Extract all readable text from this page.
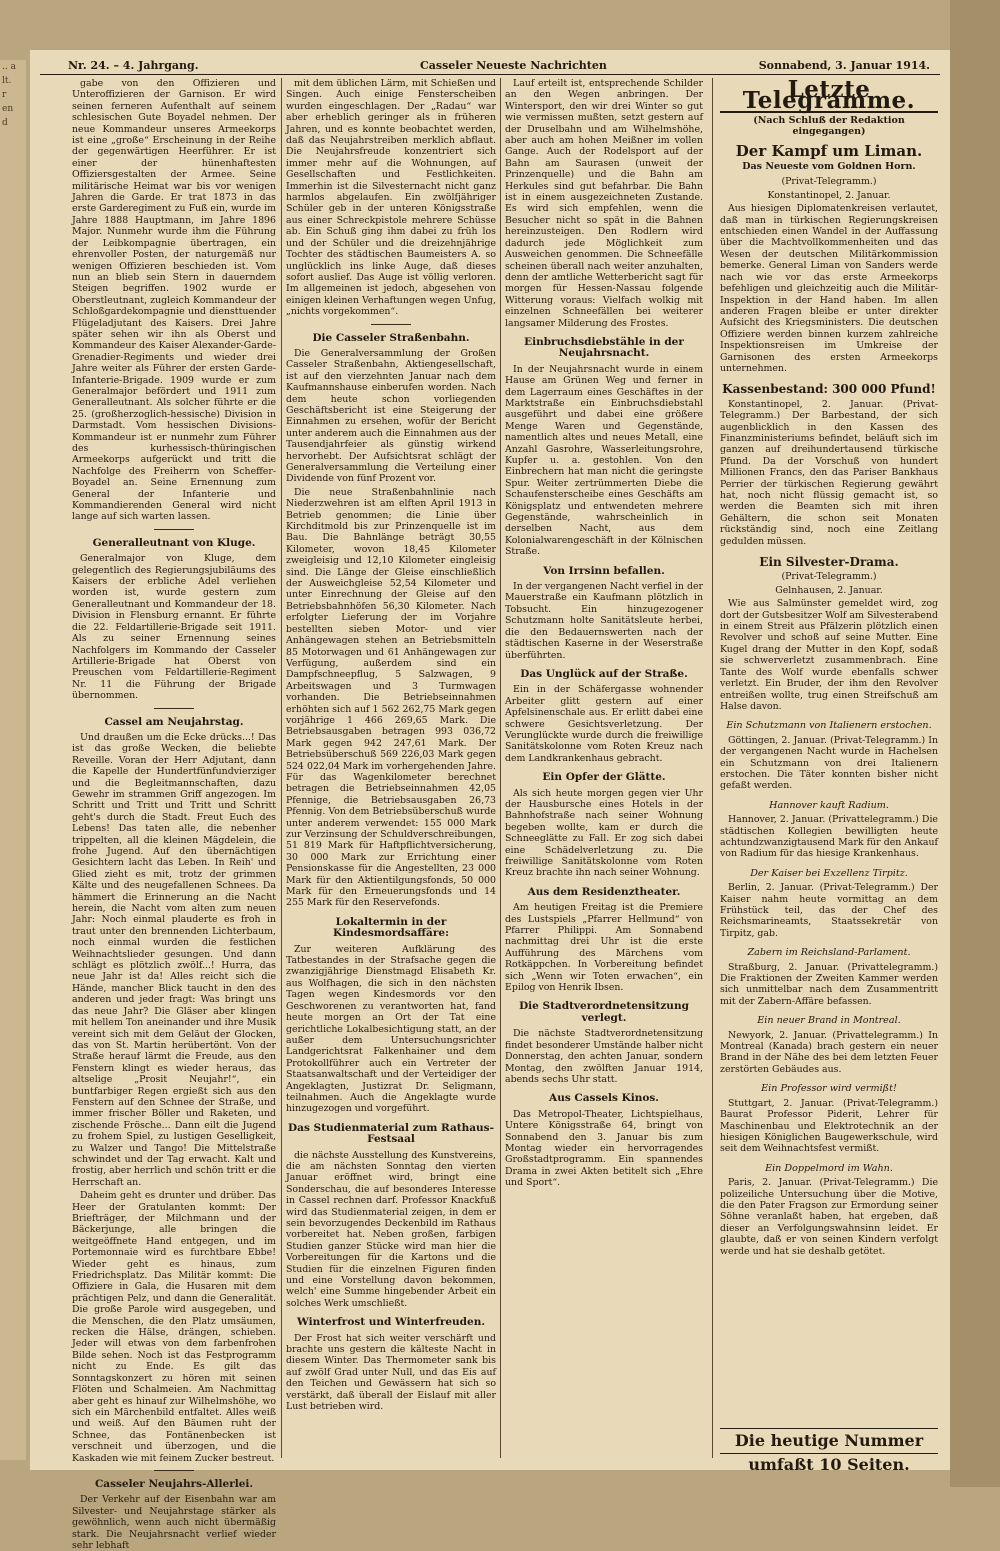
.. a
lt.
r
en
d
Nr. 24. – 4. Jahrgang.	Casseler Neueste Nachrichten	Sonnabend, 3. Januar 1914.

gabe von den Offizieren und Unteroffizieren der Garnison. Er wird seinen ferneren Aufenthalt auf seinem schlesischen Gute Boyadel nehmen. Der neue Kommandeur unseres Armeekorps ist eine „große“ Erscheinung in der Reihe der gegenwärtigen Heerführer. Er ist einer der hünenhaftesten Offiziersgestalten der Armee. Seine militärische Heimat war bis vor wenigen Jahren die Garde. Er trat 1873 in das erste Garderegiment zu Fuß ein, wurde im Jahre 1888 Hauptmann, im Jahre 1896 Major. Nunmehr wurde ihm die Führung der Leibkompagnie übertragen, ein ehrenvoller Posten, der naturgemäß nur wenigen Offizieren beschieden ist. Vom nun an blieb sein Stern in dauerndem Steigen begriffen. 1902 wurde er Oberstleutnant, zugleich Kommandeur der Schloßgardekompagnie und diensttuender Flügeladjutant des Kaisers. Drei Jahre später sehen wir ihn als Oberst und Kommandeur des Kaiser Alexander-Garde-Grenadier-Regiments und wieder drei Jahre weiter als Führer der ersten Garde-Infanterie-Brigade. 1909 wurde er zum Generalmajor befördert und 1911 zum Generalleutnant. Als solcher führte er die 25. (großherzoglich-hessische) Division in Darmstadt. Vom hessischen Divisions-Kommandeur ist er nunmehr zum Führer des kurhessisch-thüringischen Armeekorps aufgerückt und tritt die Nachfolge des Freiherrn von Scheffer-Boyadel an. Seine Ernennung zum General der Infanterie und Kommandierenden General wird nicht lange auf sich warten lassen.

Generalleutnant von Kluge.

Generalmajor von Kluge, dem gelegentlich des Regierungsjubiläums des Kaisers der erbliche Adel verliehen worden ist, wurde gestern zum Generalleutnant und Kommandeur der 18. Division in Flensburg ernannt. Er führte die 22. Feldartillerie-Brigade seit 1911. Als zu seiner Ernennung seines Nachfolgers im Kommando der Casseler Artillerie-Brigade hat Oberst von Preuschen vom Feldartillerie-Regiment Nr. 11 die Führung der Brigade übernommen.

Cassel am Neujahrstag.

Und draußen um die Ecke drücks...! Das ist das große Wecken, die beliebte Reveille. Voran der Herr Adjutant, dann die Kapelle der Hundertfünfundvierziger und die Begleitmannschaften, dazu Gewehr im strammen Griff angezogen. Im Schritt und Tritt und Tritt und Schritt geht's durch die Stadt. Freut Euch des Lebens! Das taten alle, die nebenher trippelten, all die kleinen Mägdelein, die frohe Jugend. Auf den übernächtigen Gesichtern lacht das Leben. In Reih' und Glied zieht es mit, trotz der grimmen Kälte und des neugefallenen Schnees. Da hämmert die Erinnerung an die Nacht herein, die Nacht vom alten zum neuen Jahr: Noch einmal plauderte es froh in traut unter den brennenden Lichterbaum, noch einmal wurden die festlichen Weihnachtslieder gesungen. Und dann schlägt es plötzlich zwölf...! Hurra, das neue Jahr ist da! Alles reicht sich die Hände, mancher Blick taucht in den des anderen und jeder fragt: Was bringt uns das neue Jahr? Die Gläser aber klingen mit hellem Ton aneinander und ihre Musik vereint sich mit dem Geläut der Glocken, das von St. Martin herübertönt. Von der Straße herauf lärmt die Freude, aus den Fenstern klingt es wieder heraus, das altselige „Prosit Neujahr!“, ein buntfarbiger Regen ergießt sich aus den Fenstern auf den Schnee der Straße, und immer frischer Böller und Raketen, und zischende Frösche... Dann eilt die Jugend zu frohem Spiel, zu lustigen Geselligkeit, zu Walzer und Tango! Die Mittelstraße schwindet und der Tag erwacht. Kalt und frostig, aber herrlich und schön tritt er die Herrschaft an.

Daheim geht es drunter und drüber. Das Heer der Gratulanten kommt: Der Briefträger, der Milchmann und der Bäckerjunge, alle bringen die weitgeöffnete Hand entgegen, und im Portemonnaie wird es furchtbare Ebbe! Wieder geht es hinaus, zum Friedrichsplatz. Das Militär kommt: Die Offiziere in Gala, die Husaren mit dem prächtigen Pelz, und dann die Generalität. Die große Parole wird ausgegeben, und die Menschen, die den Platz umsäumen, recken die Hälse, drängen, schieben. Jeder will etwas von dem farbenfrohen Bilde sehen. Noch ist das Festprogramm nicht zu Ende. Es gilt das Sonntagskonzert zu hören mit seinen Flöten und Schalmeien. Am Nachmittag aber geht es hinauf zur Wilhelmshöhe, wo sich ein Märchenbild entfaltet. Alles weiß und weiß. Auf den Bäumen ruht der Schnee, das Fontänenbecken ist verschneit und überzogen, und die Kaskaden wie mit feinem Zucker bestreut.

Casseler Neujahrs-Allerlei.

Der Verkehr auf der Eisenbahn war am Silvester- und Neujahrstage stärker als gewöhnlich, wenn auch nicht übermäßig stark. Die Neujahrsnacht verlief wieder sehr lebhaft

mit dem üblichen Lärm, mit Schießen und Singen. Auch einige Fensterscheiben wurden eingeschlagen. Der „Radau“ war aber erheblich geringer als in früheren Jahren, und es konnte beobachtet werden, daß das Neujahrstreiben merklich abflaut. Die Neujahrsfreude konzentriert sich immer mehr auf die Wohnungen, auf Gesellschaften und Festlichkeiten. Immerhin ist die Silvesternacht nicht ganz harmlos abgelaufen. Ein zwölfjähriger Schüler geb in der unteren Königsstraße aus einer Schreckpistole mehrere Schüsse ab. Ein Schuß ging ihm dabei zu früh los und der Schüler und die dreizehnjährige Tochter des städtischen Baumeisters A. so unglücklich ins linke Auge, daß dieses sofort auslief. Das Auge ist völlig verloren. Im allgemeinen ist jedoch, abgesehen von einigen kleinen Verhaftungen wegen Unfug, „nichts vorgekommen“.

Die Casseler Straßenbahn.

Die Generalversammlung der Großen Casseler Straßenbahn, Aktiengesellschaft, ist auf den vierzehnten Januar nach dem Kaufmannshause einberufen worden. Nach dem heute schon vorliegenden Geschäftsbericht ist eine Steigerung der Einnahmen zu ersehen, wofür der Bericht unter anderem auch die Einnahmen aus der Tausendjahrfeier als günstig wirkend hervorhebt. Der Aufsichtsrat schlägt der Generalversammlung die Verteilung einer Dividende von fünf Prozent vor.

Die neue Straßenbahnlinie nach Niederzwehren ist am elften April 1913 in Betrieb genommen; die Linie über Kirchditmold bis zur Prinzenquelle ist im Bau. Die Bahnlänge beträgt 30,55 Kilometer, wovon 18,45 Kilometer zweigleisig und 12,10 Kilometer eingleisig sind. Die Länge der Gleise einschließlich der Ausweichgleise 52,54 Kilometer und unter Einrechnung der Gleise auf den Betriebsbahnhöfen 56,30 Kilometer. Nach erfolgter Lieferung der im Vorjahre bestellten sieben Motor- und vier Anhängewagen stehen an Betriebsmitteln 85 Motorwagen und 61 Anhängewagen zur Verfügung, außerdem sind ein Dampfschneepflug, 5 Salzwagen, 9 Arbeitswagen und 3 Turmwagen vorhanden. Die Betriebseinnahmen erhöhten sich auf 1 562 262,75 Mark gegen vorjährige 1 466 269,65 Mark. Die Betriebsausgaben betragen 993 036,72 Mark gegen 942 247,61 Mark. Der Betriebsüberschuß 569 226,03 Mark gegen 524 022,04 Mark im vorhergehenden Jahre. Für das Wagenkilometer berechnet betragen die Betriebseinnahmen 42,05 Pfennige, die Betriebsausgaben 26,73 Pfennig. Von dem Betriebsüberschuß wurde unter anderem verwendet: 155 000 Mark zur Verzinsung der Schuldverschreibungen, 51 819 Mark für Haftpflichtversicherung, 30 000 Mark zur Errichtung einer Pensionskasse für die Angestellten, 23 000 Mark für den Aktientilgungsfonds, 50 000 Mark für den Erneuerungsfonds und 14 255 Mark für den Reservefonds.

Lokaltermin in der Kindesmordsaffäre:

Zur weiteren Aufklärung des Tatbestandes in der Strafsache gegen die zwanzigjährige Dienstmagd Elisabeth Kr. aus Wolfhagen, die sich in den nächsten Tagen wegen Kindesmords vor den Geschworenen zu verantworten hat, fand heute morgen an Ort der Tat eine gerichtliche Lokalbesichtigung statt, an der außer dem Untersuchungsrichter Landgerichtsrat Falkenhainer und dem Protokollführer auch ein Vertreter der Staatsanwaltschaft und der Verteidiger der Angeklagten, Justizrat Dr. Seligmann, teilnahmen. Auch die Angeklagte wurde hinzugezogen und vorgeführt.

Das Studienmaterial zum Rathaus-Festsaal

die nächste Ausstellung des Kunstvereins, die am nächsten Sonntag den vierten Januar eröffnet wird, bringt eine Sonderschau, die auf besonderes Interesse in Cassel rechnen darf. Professor Knackfuß wird das Studienmaterial zeigen, in dem er sein bevorzugendes Deckenbild im Rathaus vorbereitet hat. Neben großen, farbigen Studien ganzer Stücke wird man hier die Vorbereitungen für die Kartons und die Studien für die einzelnen Figuren finden und eine Vorstellung davon bekommen, welch' eine Summe hingebender Arbeit ein solches Werk umschließt.

Winterfrost und Winterfreuden.

Der Frost hat sich weiter verschärft und brachte uns gestern die kälteste Nacht in diesem Winter. Das Thermometer sank bis auf zwölf Grad unter Null, und das Eis auf den Teichen und Gewässern hat sich so verstärkt, daß überall der Eislauf mit aller Lust betrieben wird.

Lauf erteilt ist, entsprechende Schilder an den Wegen anbringen. Der Wintersport, den wir drei Winter so gut wie vermissen mußten, setzt gestern auf der Druselbahn und am Wilhelmshöhe, aber auch am hohen Meißner im vollen Gange. Auch der Rodelsport auf der Bahn am Saurasen (unweit der Prinzenquelle) und die Bahn am Herkules sind gut befahrbar. Die Bahn ist in einem ausgezeichneten Zustande. Es wird sich empfehlen, wenn die Besucher nicht so spät in die Bahnen hereinzusteigen. Den Rodlern wird dadurch jede Möglichkeit zum Ausweichen genommen. Die Schneefälle scheinen überall nach weiter anzuhalten, denn der amtliche Wetterbericht sagt für morgen für Hessen-Nassau folgende Witterung voraus: Vielfach wolkig mit einzelnen Schneefällen bei weiterer langsamer Milderung des Frostes.

Einbruchsdiebstähle in der Neujahrsnacht.

In der Neujahrsnacht wurde in einem Hause am Grünen Weg und ferner in dem Lagerraum eines Geschäftes in der Marktstraße ein Einbruchsdiebstahl ausgeführt und dabei eine größere Menge Waren und Gegenstände, namentlich altes und neues Metall, eine Anzahl Gasrohre, Wasserleitungsrohre, Kupfer u. a. gestohlen. Von den Einbrechern hat man nicht die geringste Spur. Weiter zertrümmerten Diebe die Schaufensterscheibe eines Geschäfts am Königsplatz und entwendeten mehrere Gegenstände, wahrscheinlich in derselben Nacht, aus dem Kolonialwarengeschäft in der Kölnischen Straße.

Von Irrsinn befallen.

In der vergangenen Nacht verfiel in der Mauerstraße ein Kaufmann plötzlich in Tobsucht. Ein hinzugezogener Schutzmann holte Sanitätsleute herbei, die den Bedauernswerten nach der städtischen Kaserne in der Weserstraße überführten.

Das Unglück auf der Straße.

Ein in der Schäfergasse wohnender Arbeiter glitt gestern auf einer Apfelsinenschale aus. Er erlitt dabei eine schwere Gesichtsverletzung. Der Verunglückte wurde durch die freiwillige Sanitätskolonne vom Roten Kreuz nach dem Landkrankenhaus gebracht.

Ein Opfer der Glätte.

Als sich heute morgen gegen vier Uhr der Hausbursche eines Hotels in der Bahnhofstraße nach seiner Wohnung begeben wollte, kam er durch die Schneeglätte zu Fall. Er zog sich dabei eine Schädelverletzung zu. Die freiwillige Sanitätskolonne vom Roten Kreuz brachte ihn nach seiner Wohnung.

Aus dem Residenztheater.

Am heutigen Freitag ist die Premiere des Lustspiels „Pfarrer Hellmund“ von Pfarrer Philippi. Am Sonnabend nachmittag drei Uhr ist die erste Aufführung des Märchens vom Rotkäppchen. In Vorbereitung befindet sich „Wenn wir Toten erwachen“, ein Epilog von Henrik Ibsen.

Die Stadtverordnetensitzung verlegt.

Die nächste Stadtverordnetensitzung findet besonderer Umstände halber nicht Donnerstag, den achten Januar, sondern Montag, den zwölften Januar 1914, abends sechs Uhr statt.

Aus Cassels Kinos.

Das Metropol-Theater, Lichtspielhaus, Untere Königsstraße 64, bringt von Sonnabend den 3. Januar bis zum Montag wieder ein hervorragendes Großstadtprogramm. Ein spannendes Drama in zwei Akten betitelt sich „Ehre und Sport“.

Letzte Telegramme.
(Nach Schluß der Redaktion eingegangen)
Der Kampf um Liman.
Das Neueste vom Goldnen Horn.
(Privat-Telegramm.)
Konstantinopel, 2. Januar.

Aus hiesigen Diplomatenkreisen verlautet, daß man in türkischen Regierungskreisen entschieden einen Wandel in der Auffassung über die Machtvollkommenheiten und das Wesen der deutschen Militärkommission bemerke. General Liman von Sanders werde nach wie vor das erste Armeekorps befehligen und gleichzeitig auch die Militär-Inspektion in der Hand haben. Im allen anderen Fragen bleibe er unter direkter Aufsicht des Kriegsministers. Die deutschen Offiziere werden binnen kurzem zahlreiche Inspektionsreisen im Umkreise der Garnisonen des ersten Armeekorps unternehmen.

Kassenbestand: 300 000 Pfund!

Konstantinopel, 2. Januar. (Privat-Telegramm.) Der Barbestand, der sich augenblicklich in den Kassen des Finanzministeriums befindet, beläuft sich im ganzen auf dreihundertausend türkische Pfund. Da der Vorschuß von hundert Millionen Francs, den das Pariser Bankhaus Perrier der türkischen Regierung gewährt hat, noch nicht flüssig gemacht ist, so werden die Beamten sich mit ihren Gehältern, die schon seit Monaten rückständig sind, noch eine Zeitlang gedulden müssen.

Ein Silvester-Drama.
(Privat-Telegramm.)
Gelnhausen, 2. Januar.

Wie aus Salmünster gemeldet wird, zog dort der Gutsbesitzer Wolf am Silvesterabend in einem Streit aus Pfälzerin plötzlich einen Revolver und schoß auf seine Mutter. Eine Kugel drang der Mutter in den Kopf, sodaß sie schwerverletzt zusammenbrach. Eine Tante des Wolf wurde ebenfalls schwer verletzt. Ein Bruder, der ihm den Revolver entreißen wollte, trug einen Streifschuß am Halse davon.

Ein Schutzmann von Italienern erstochen.

Göttingen, 2. Januar. (Privat-Telegramm.) In der vergangenen Nacht wurde in Hachelsen ein Schutzmann von drei Italienern erstochen. Die Täter konnten bisher nicht gefaßt werden.

Hannover kauft Radium.

Hannover, 2. Januar. (Privattelegramm.) Die städtischen Kollegien bewilligten heute achtundzwanzigtausend Mark für den Ankauf von Radium für das hiesige Krankenhaus.

Der Kaiser bei Exzellenz Tirpitz.

Berlin, 2. Januar. (Privat-Telegramm.) Der Kaiser nahm heute vormittag an dem Frühstück teil, das der Chef des Reichsmarineamts, Staatssekretär von Tirpitz, gab.

Zabern im Reichsland-Parlament.

Straßburg, 2. Januar. (Privattelegramm.) Die Fraktionen der Zweiten Kammer werden sich unmittelbar nach dem Zusammentritt mit der Zabern-Affäre befassen.

Ein neuer Brand in Montreal.

Newyork, 2. Januar. (Privattelegramm.) In Montreal (Kanada) brach gestern ein neuer Brand in der Nähe des bei dem letzten Feuer zerstörten Gebäudes aus.

Ein Professor wird vermißt!

Stuttgart, 2. Januar. (Privat-Telegramm.) Baurat Professor Piderit, Lehrer für Maschinenbau und Elektrotechnik an der hiesigen Königlichen Baugewerkschule, wird seit dem Weihnachtsfest vermißt.

Ein Doppelmord im Wahn.

Paris, 2. Januar. (Privat-Telegramm.) Die polizeiliche Untersuchung über die Motive, die den Pater Fragson zur Ermordung seiner Söhne veranlaßt haben, hat ergeben, daß dieser an Verfolgungswahnsinn leidet. Er glaubte, daß er von seinen Kindern verfolgt werde und hat sie deshalb getötet.

Die heutige Nummer umfaßt 10 Seiten.
